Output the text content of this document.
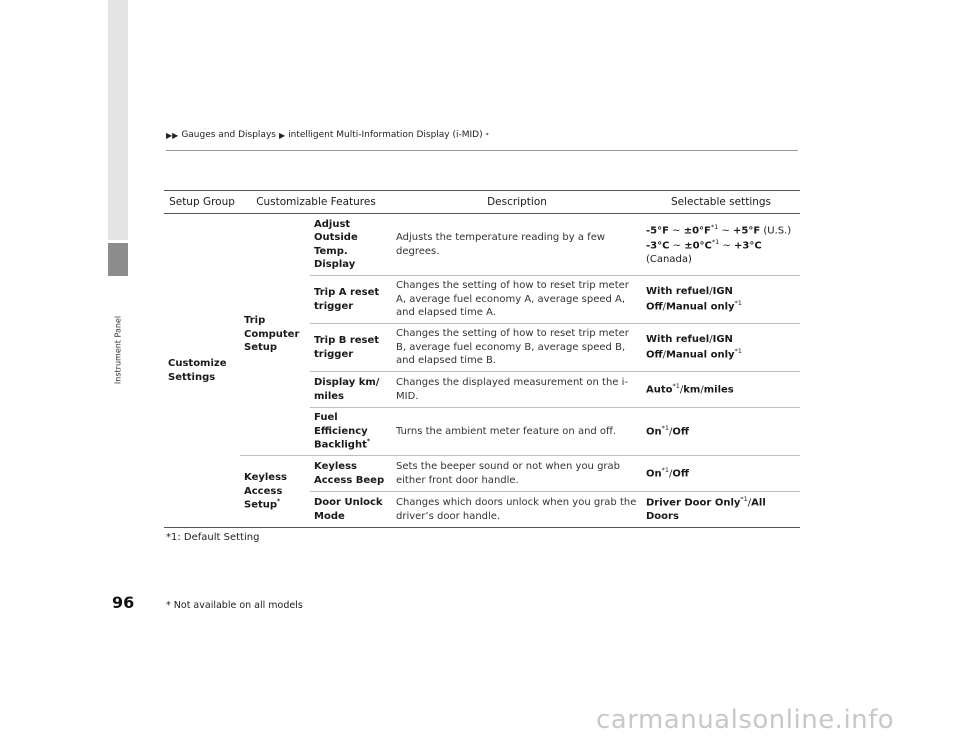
Instrument Panel
96
▶▶ Gauges and Displays ▶ intelligent Multi-Information Display (i-MID) *
Setup Group	Customizable Features		Description	Selectable settings
Customize Settings	Trip Computer Setup	Adjust Outside Temp. Display	Adjusts the temperature reading by a few degrees.	-5°F ~ $\pm 0^\circ F^{*1}$ ~ +5°F (U.S.)
-3°C ~ $\pm 0^\circ C^{*1}$ ~ +3°C (Canada)

		Trip A reset trigger	Changes the setting of how to reset trip meter A, average fuel economy A, average speed A, and elapsed time A.	With refuel/IGN Off/Manual only$^{*1}$
		Trip B reset trigger	Changes the setting of how to reset trip meter B, average fuel economy B, average speed B, and elapsed time B.	With refuel/IGN Off/Manual only$^{*1}$
		Display km/ miles	Changes the displayed measurement on the i-MID.	Auto$^{*1}$/km/miles
		Fuel Efficiency Backlight*	Turns the ambient meter feature on and off.	On$^{*1}$/Off
	Keyless Access Setup*	Keyless Access Beep	Sets the beeper sound or not when you grab either front door handle.	On$^{*1}$/Off
		Door Unlock Mode	Changes which doors unlock when you grab the driver’s door handle.	Driver Door Only$^{*1}$/All Doors
*1: Default Setting
* Not available on all models
carmanualsonline.info
